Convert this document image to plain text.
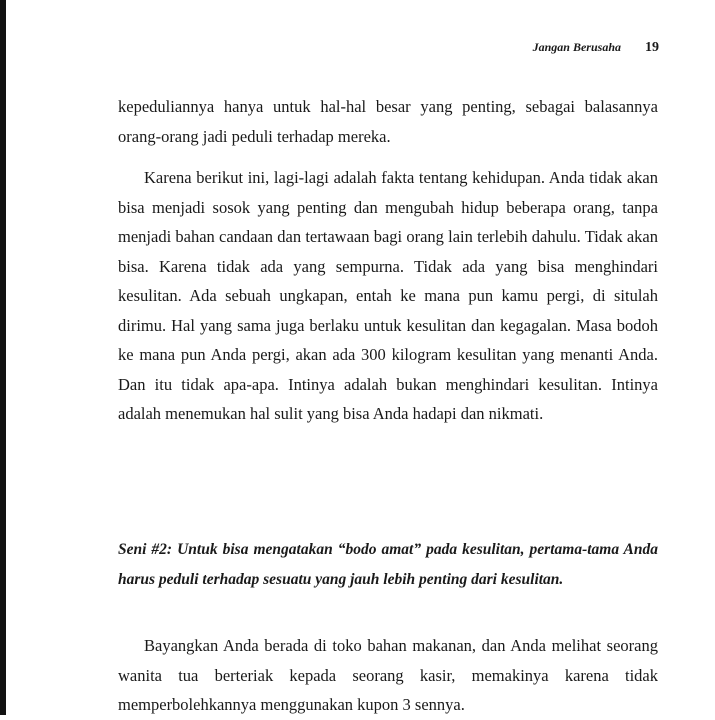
Jangan Berusaha 19

kepeduliannya hanya untuk hal-hal besar yang penting, sebagai balasannya orang-orang jadi peduli terhadap mereka.

Karena berikut ini, lagi-lagi adalah fakta tentang kehidupan. Anda tidak akan bisa menjadi sosok yang penting dan mengubah hidup beberapa orang, tanpa menjadi bahan candaan dan tertawaan bagi orang lain terlebih dahulu. Tidak akan bisa. Karena tidak ada yang sempurna. Tidak ada yang bisa menghindari kesulitan. Ada sebuah ungkapan, entah ke mana pun kamu pergi, di situlah dirimu. Hal yang sama juga berlaku untuk kesulitan dan kegagalan. Masa bodoh ke mana pun Anda pergi, akan ada 300 kilogram kesulitan yang menanti Anda. Dan itu tidak apa-apa. Intinya adalah bukan menghindari kesulitan. Intinya adalah menemukan hal sulit yang bisa Anda hadapi dan nikmati.

Seni #2: Untuk bisa mengatakan “bodo amat” pada kesulitan, pertama-tama Anda harus peduli terhadap sesuatu yang jauh lebih penting dari kesulitan.

Bayangkan Anda berada di toko bahan makanan, dan Anda melihat seorang wanita tua berteriak kepada seorang kasir, memakinya karena tidak memperbolehkannya menggunakan kupon 3 sennya.
